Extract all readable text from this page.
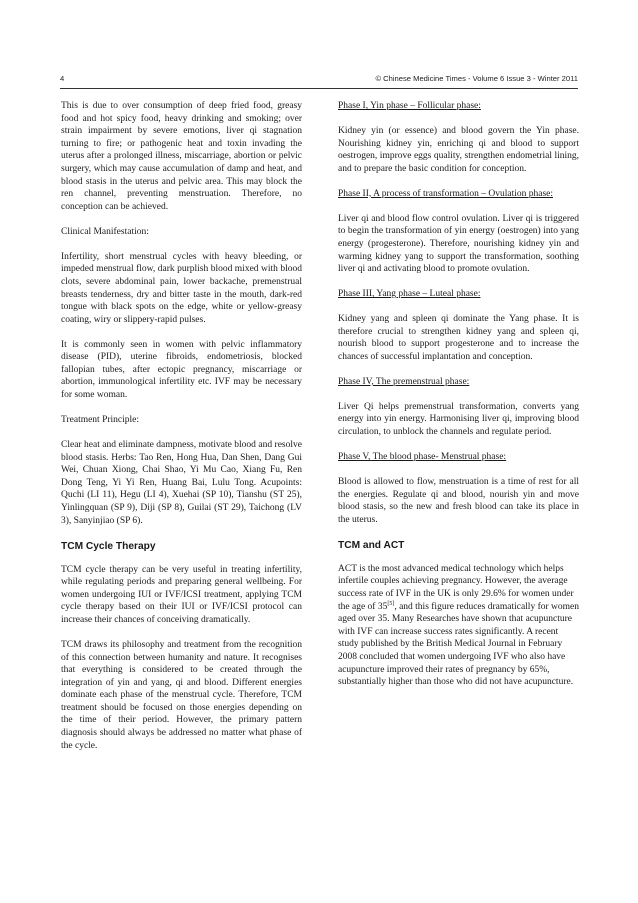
4	© Chinese Medicine Times - Volume 6 Issue 3 - Winter 2011

This is due to over consumption of deep fried food, greasy food and hot spicy food, heavy drinking and smoking; over strain impairment by severe emotions, liver qi stagnation turning to fire; or pathogenic heat and toxin invading the uterus after a prolonged illness, miscarriage, abortion or pelvic surgery, which may cause accumulation of damp and heat, and blood stasis in the uterus and pelvic area. This may block the ren channel, preventing menstruation. Therefore, no conception can be achieved.

Clinical Manifestation:

Infertility, short menstrual cycles with heavy bleeding, or impeded menstrual flow, dark purplish blood mixed with blood clots, severe abdominal pain, lower backache, premenstrual breasts tenderness, dry and bitter taste in the mouth, dark-red tongue with black spots on the edge, white or yellow-greasy coating, wiry or slippery-rapid pulses.

It is commonly seen in women with pelvic inflammatory disease (PID), uterine fibroids, endometriosis, blocked fallopian tubes, after ectopic pregnancy, miscarriage or abortion, immunological infertility etc. IVF may be necessary for some woman.

Treatment Principle:

Clear heat and eliminate dampness, motivate blood and resolve blood stasis. Herbs: Tao Ren, Hong Hua, Dan Shen, Dang Gui Wei, Chuan Xiong, Chai Shao, Yi Mu Cao, Xiang Fu, Ren Dong Teng, Yi Yi Ren, Huang Bai, Lulu Tong. Acupoints: Quchi (LI 11), Hegu (LI 4), Xuehai (SP 10), Tianshu (ST 25), Yinlingquan (SP 9), Diji (SP 8), Guilai (ST 29), Taichong (LV 3), Sanyinjiao (SP 6).

TCM Cycle Therapy

TCM cycle therapy can be very useful in treating infertility, while regulating periods and preparing general wellbeing. For women undergoing IUI or IVF/ICSI treatment, applying TCM cycle therapy based on their IUI or IVF/ICSI protocol can increase their chances of conceiving dramatically.

TCM draws its philosophy and treatment from the recognition of this connection between humanity and nature. It recognises that everything is considered to be created through the integration of yin and yang, qi and blood. Different energies dominate each phase of the menstrual cycle. Therefore, TCM treatment should be focused on those energies depending on the time of their period. However, the primary pattern diagnosis should always be addressed no matter what phase of the cycle.

Phase I, Yin phase – Follicular phase:

Kidney yin (or essence) and blood govern the Yin phase. Nourishing kidney yin, enriching qi and blood to support oestrogen, improve eggs quality, strengthen endometrial lining, and to prepare the basic condition for conception.

Phase II, A process of transformation – Ovulation phase:

Liver qi and blood flow control ovulation. Liver qi is triggered to begin the transformation of yin energy (oestrogen) into yang energy (progesterone). Therefore, nourishing kidney yin and warming kidney yang to support the transformation, soothing liver qi and activating blood to promote ovulation.

Phase III, Yang phase – Luteal phase:

Kidney yang and spleen qi dominate the Yang phase. It is therefore crucial to strengthen kidney yang and spleen qi, nourish blood to support progesterone and to increase the chances of successful implantation and conception.

Phase IV, The premenstrual phase:

Liver Qi helps premenstrual transformation, converts yang energy into yin energy. Harmonising liver qi, improving blood circulation, to unblock the channels and regulate period.

Phase V, The blood phase- Menstrual phase:

Blood is allowed to flow, menstruation is a time of rest for all the energies. Regulate qi and blood, nourish yin and move blood stasis, so the new and fresh blood can take its place in the uterus.

TCM and ACT

ACT is the most advanced medical technology which helps infertile couples achieving pregnancy. However, the average success rate of IVF in the UK is only 29.6% for women under the age of 35[5], and this figure reduces dramatically for women aged over 35. Many Researches have shown that acupuncture with IVF can increase success rates significantly. A recent study published by the British Medical Journal in February 2008 concluded that women undergoing IVF who also have acupuncture improved their rates of pregnancy by 65%, substantially higher than those who did not have acupuncture.
